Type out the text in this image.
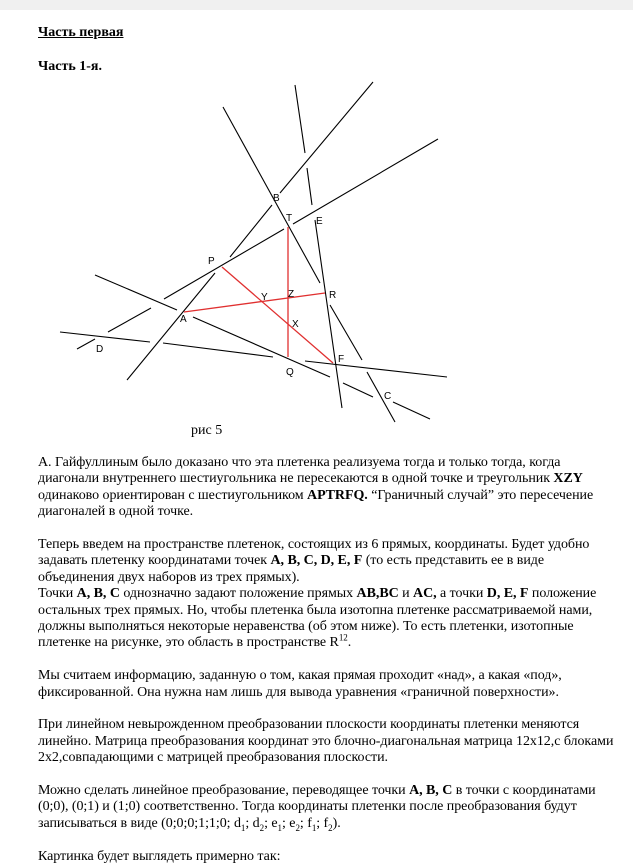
Часть первая
Часть 1-я.
B
T E
P
Y Z	R
A	X
D
F
Q
C
рис 5

А. Гайфуллиным было доказано что эта плетенка реализуема тогда и только тогда, когда диагонали внутреннего шестиугольника не пересекаются в одной точке и треугольник XZY одинаково ориентирован с шестиугольником APTRFQ. “Граничный случай” это пересечение диагоналей в одной точке.

Теперь введем на пространстве плетенок, состоящих из 6 прямых, координаты. Будет удобно задавать плетенку координатами точек A, B, C, D, E, F (то есть представить ее в виде объединения двух наборов из трех прямых).

Точки A, B, C однозначно задают положение прямых AB,BC и AC, а точки D, E, F положение остальных трех прямых. Но, чтобы плетенка была изотопна плетенке рассматриваемой нами, должны выполняться некоторые неравенства (об этом ниже). То есть плетенки, изотопные плетенке на рисунке, это область в пространстве $R^{12}$.

Мы считаем информацию, заданную о том, какая прямая проходит «над», а какая «под», фиксированной. Она нужна нам лишь для вывода уравнения «граничной поверхности».

При линейном невырожденном преобразовании плоскости координаты плетенки меняются линейно. Матрица преобразования координат это блочно-диагональная матрица 12x12,с блоками 2x2,совпадающими с матрицей преобразования плоскости.

Можно сделать линейное преобразование, переводящее точки A, B, C в точки с координатами (0;0), (0;1) и (1;0) соответственно. Тогда координаты плетенки после преобразования будут записываться в виде (0;0;0;1;1;0; $d_1$; $d_2$; $e_1$; $e_2$; $f_1$; $f_2$).

Картинка будет выглядеть примерно так:
